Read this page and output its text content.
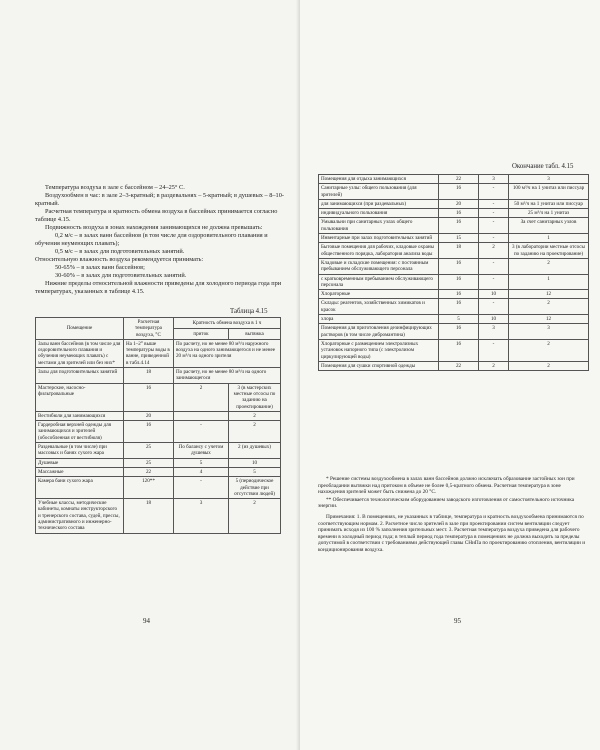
Температура воздуха в зале с бассейном – 24–25° С.

Воздухообмен в час: в зале 2–3-кратный; в раздевальнях – 5-кратный; в душевых – 8–10-кратный.

Расчетная температура и кратность обмена воздуха в бассейнах принимается согласно таблице 4.15.

Подвижность воздуха в зонах нахождения занимающихся не должна превышать:

0,2 м/с – в залах ванн бассейнов (в том числе для оздоровительного плавания и обучения неумеющих плавать);

0,5 м/с – в залах для подготовительных занятий.

Относительную влажность воздуха рекомендуется принимать:

50-65% – в залах ванн бассейнов;

30-60% – в залах для подготовительных занятий.

Нижние пределы относительной влажности приведены для холодного периода года при температурах, указанных в таблице 4.15.

Таблица 4.15
Помещение	Расчетная температура воздуха, °С	Кратность обмена воздуха в 1 ч	
		приток	вытяжка
Залы ванн бассейнов (в том числе для оздоровительного плавания и обучения неумеющих плавать) с местами для зрителей или без них*	На 1–2° выше температуры воды в ванне, приведенной в табл.4.14	По расчету, но не менее 80 м³/ч наружного воздуха на одного занимающегося и не менее 20 м³/ч на одного зрителя	
Залы для подготовительных занятий	18	По расчету, но не менее 80 м³/ч на одного занимающегося	
Мастерские, насосно-фильтровальные	16	2	3 (в мастерских местные отсосы по заданию на проектирование)
Вестибюли для занимающихся	20		2
Гардеробная верхней одежды для занимающихся и зрителей (обособленная от вестибюля)	16	-	2
Раздевальные (в том числе) при массовых и банях сухого жара	25	По балансу с учетом душевых	2 (из душевых)
Душевые	25	5	10
Массажные	22	4	5
Камера бани сухого жара	120**	-	5 (периодическое действие при отсутствии людей)
Учебные классы, методические кабинеты, комнаты инструкторского и тренерского состава, судей, прессы, административного и инженерно-технического состава	18	3	2
94
Окончание табл. 4.15
Помещения для отдыха занимающихся	22	3	3
Санитарные узлы: общего пользования (для зрителей)	16	-	100 м³/ч на 1 унитаз или писсуар
для занимающихся (при раздевальных)	20	-	50 м³/ч на 1 унитаз или писсуар
индивидуального пользования	16	-	25 м³/ч на 1 унитаз
Умывальни при санитарных узлах общего пользования	16	-	За счет санитарных узлов
Инвентарные при залах подготовительных занятий	15	-	1
Бытовые помещения для рабочих, кладовые охраны общественного порядка, лаборатория анализа воды	18	2	3 (в лаборатории местные отсосы по заданию на проектирование)
Кладовые и складские помещения: с постоянным пребыванием обслуживающего персонала	16	-	2
с кратковременным пребыванием обслуживающего персонала	16	-	1
Хлораторные	16	10	12
Склады: реагентов, хозяйственных химикатов и красок	16	-	2
хлора	5	10	12
Помещения для приготовления дезинфицирующих растворов (в том числе дибромантина)	16	3	3
Хлораторные с размещением электролизных установок напорного типа (с электролизом циркулирующей воды)	16	-	2
Помещения для сушки спортивной одежды	22	2	2

* Решение системы воздухообмена в залах ванн бассейнов должно исключать образование застойных зон при преобладании вытяжки над притоком в объеме не более 0,5-кратного обмена. Расчетная температура в зоне нахождения зрителей может быть снижена до 20 °С.

** Обеспечивается технологическим оборудованием заводского изготовления от самостоятельного источника энергии.

Примечания: 1. В помещениях, не указанных в таблице, температура и кратность воздухообмена принимаются по соответствующим нормам. 2. Расчетное число зрителей в зале при проектировании систем вентиляции следует принимать исходя из 100 % заполнения зрительных мест. 3. Расчетная температура воздуха приведена для рабочего времени в холодный период года; в теплый период года температура в помещениях не должна выходить за пределы допустимой в соответствии с требованиями действующей главы СНиПа по проектированию отопления, вентиляции и кондиционирования воздуха.

95
